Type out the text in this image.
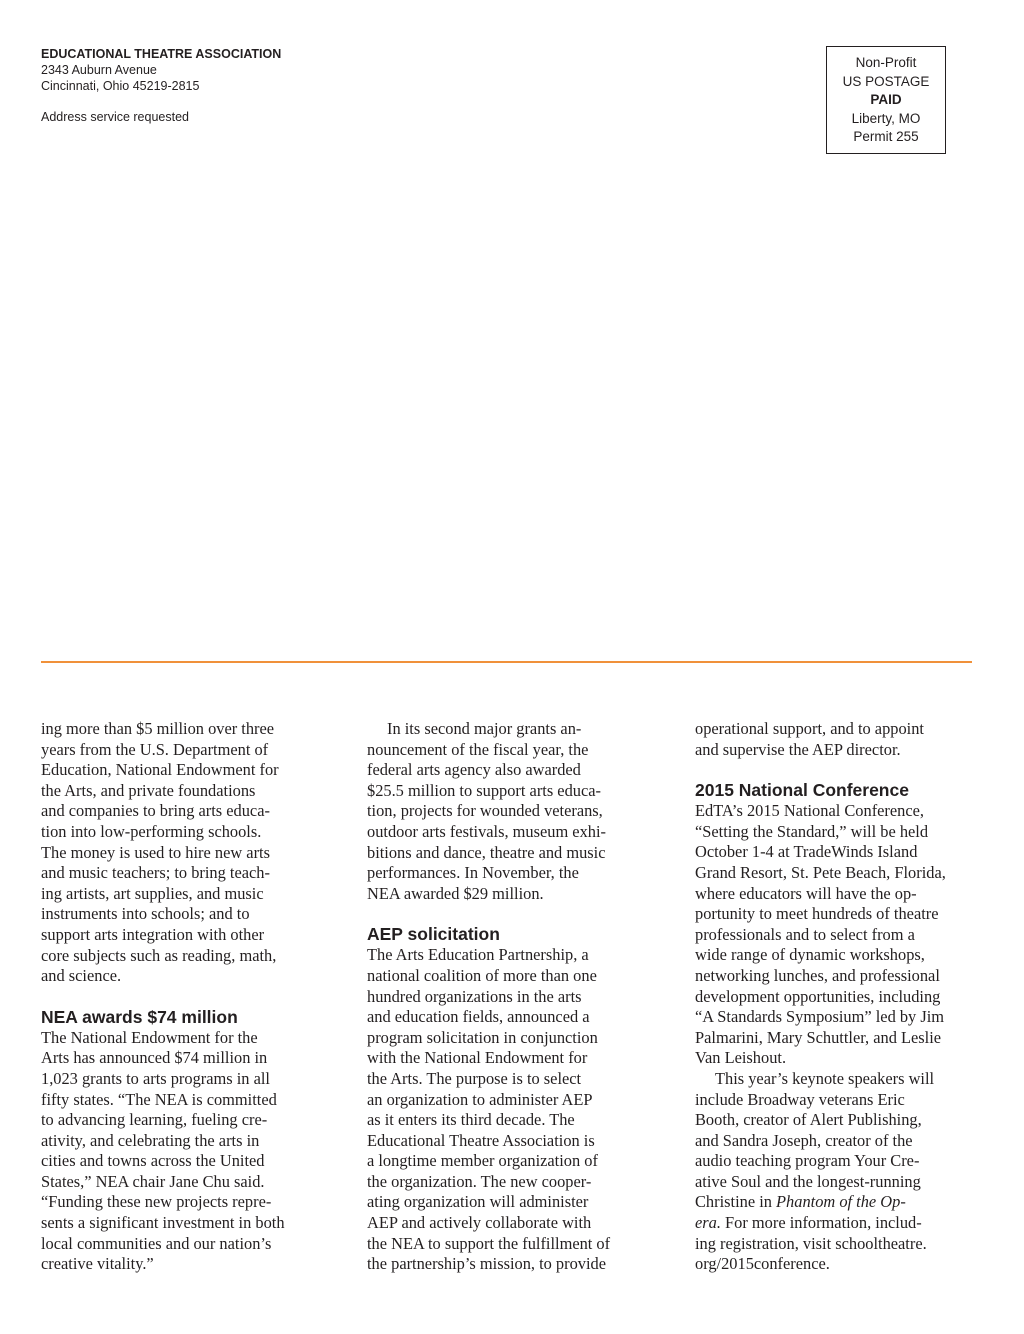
EDUCATIONAL THEATRE ASSOCIATION
2343 Auburn Avenue
Cincinnati, Ohio 45219-2815
Address service requested
Non-Profit
US POSTAGE
PAID
Liberty, MO
Permit 255

ing more than $5 million over three
years from the U.S. Department of
Education, National Endowment for
the Arts, and private foundations
and companies to bring arts educa-
tion into low-performing schools.
The money is used to hire new arts
and music teachers; to bring teach-
ing artists, art supplies, and music
instruments into schools; and to
support arts integration with other
core subjects such as reading, math,
and science.

NEA awards $74 million

The National Endowment for the
Arts has announced $74 million in
1,023 grants to arts programs in all
fifty states. “The NEA is committed
to advancing learning, fueling cre-
ativity, and celebrating the arts in
cities and towns across the United
States,” NEA chair Jane Chu said.
“Funding these new projects repre-
sents a significant investment in both
local communities and our nation’s
creative vitality.”

In its second major grants an-
nouncement of the fiscal year, the
federal arts agency also awarded
$25.5 million to support arts educa-
tion, projects for wounded veterans,
outdoor arts festivals, museum exhi-
bitions and dance, theatre and music
performances. In November, the
NEA awarded $29 million.

AEP solicitation

The Arts Education Partnership, a
national coalition of more than one
hundred organizations in the arts
and education fields, announced a
program solicitation in conjunction
with the National Endowment for
the Arts. The purpose is to select
an organization to administer AEP
as it enters its third decade. The
Educational Theatre Association is
a longtime member organization of
the organization. The new cooper-
ating organization will administer
AEP and actively collaborate with
the NEA to support the fulfillment of
the partnership’s mission, to provide

operational support, and to appoint
and supervise the AEP director.

2015 National Conference

EdTA’s 2015 National Conference,
“Setting the Standard,” will be held
October 1-4 at TradeWinds Island
Grand Resort, St. Pete Beach, Florida,
where educators will have the op-
portunity to meet hundreds of theatre
professionals and to select from a
wide range of dynamic workshops,
networking lunches, and professional
development opportunities, including
“A Standards Symposium” led by Jim
Palmarini, Mary Schuttler, and Leslie
Van Leishout.

This year’s keynote speakers will
include Broadway veterans Eric
Booth, creator of Alert Publishing,
and Sandra Joseph, creator of the
audio teaching program Your Cre-
ative Soul and the longest-running
Christine in Phantom of the Op-
era. For more information, includ-
ing registration, visit schooltheatre.
org/2015conference.
